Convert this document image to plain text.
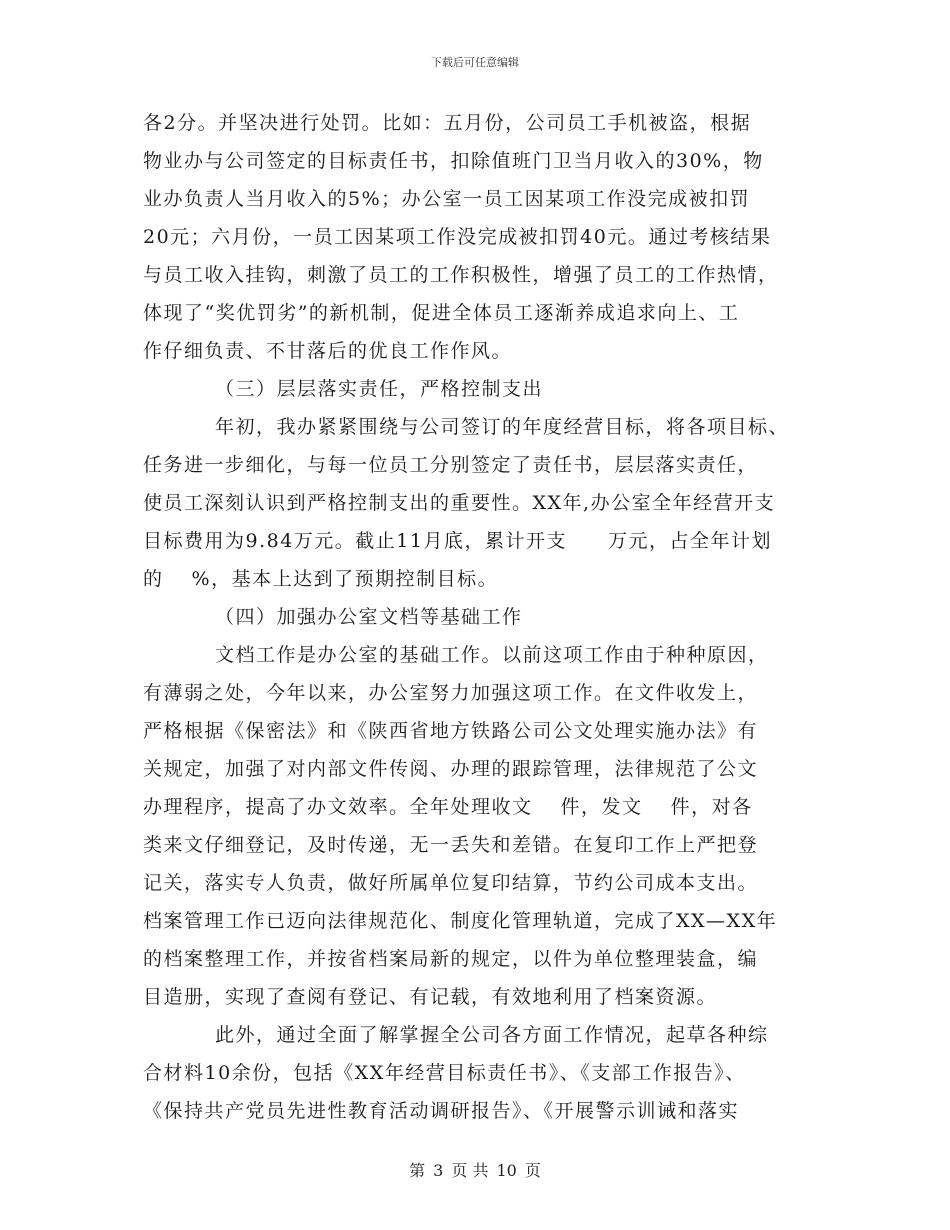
下载后可任意编辑
各2分。并坚决进行处罚。比如：五月份，公司员工手机被盗，根据
物业办与公司签定的目标责任书，扣除值班门卫当月收入的30%，物
业办负责人当月收入的5%；办公室一员工因某项工作没完成被扣罚
20元；六月份，一员工因某项工作没完成被扣罚40元。通过考核结果
与员工收入挂钩，刺激了员工的工作积极性，增强了员工的工作热情，
体现了“奖优罚劣”的新机制，促进全体员工逐渐养成追求向上、工
作仔细负责、不甘落后的优良工作作风。
（三）层层落实责任，严格控制支出
年初，我办紧紧围绕与公司签订的年度经营目标，将各项目标、
任务进一步细化，与每一位员工分别签定了责任书，层层落实责任，
使员工深刻认识到严格控制支出的重要性。XX年,办公室全年经营开支
目标费用为9.84万元。截止11月底，累计开支　　万元，占全年计划
的　 %，基本上达到了预期控制目标。
（四）加强办公室文档等基础工作
文档工作是办公室的基础工作。以前这项工作由于种种原因，
有薄弱之处，今年以来，办公室努力加强这项工作。在文件收发上，
严格根据《保密法》和《陕西省地方铁路公司公文处理实施办法》有
关规定，加强了对内部文件传阅、办理的跟踪管理，法律规范了公文
办理程序，提高了办文效率。全年处理收文　 件，发文　 件，对各
类来文仔细登记，及时传递，无一丢失和差错。在复印工作上严把登
记关，落实专人负责，做好所属单位复印结算，节约公司成本支出。
档案管理工作已迈向法律规范化、制度化管理轨道，完成了XX—XX年
的档案整理工作，并按省档案局新的规定，以件为单位整理装盒，编
目造册，实现了查阅有登记、有记载，有效地利用了档案资源。
此外，通过全面了解掌握全公司各方面工作情况，起草各种综
合材料10余份，包括《XX年经营目标责任书》、《支部工作报告》、
《保持共产党员先进性教育活动调研报告》、《开展警示训诫和落实
第 3 页 共 10 页
